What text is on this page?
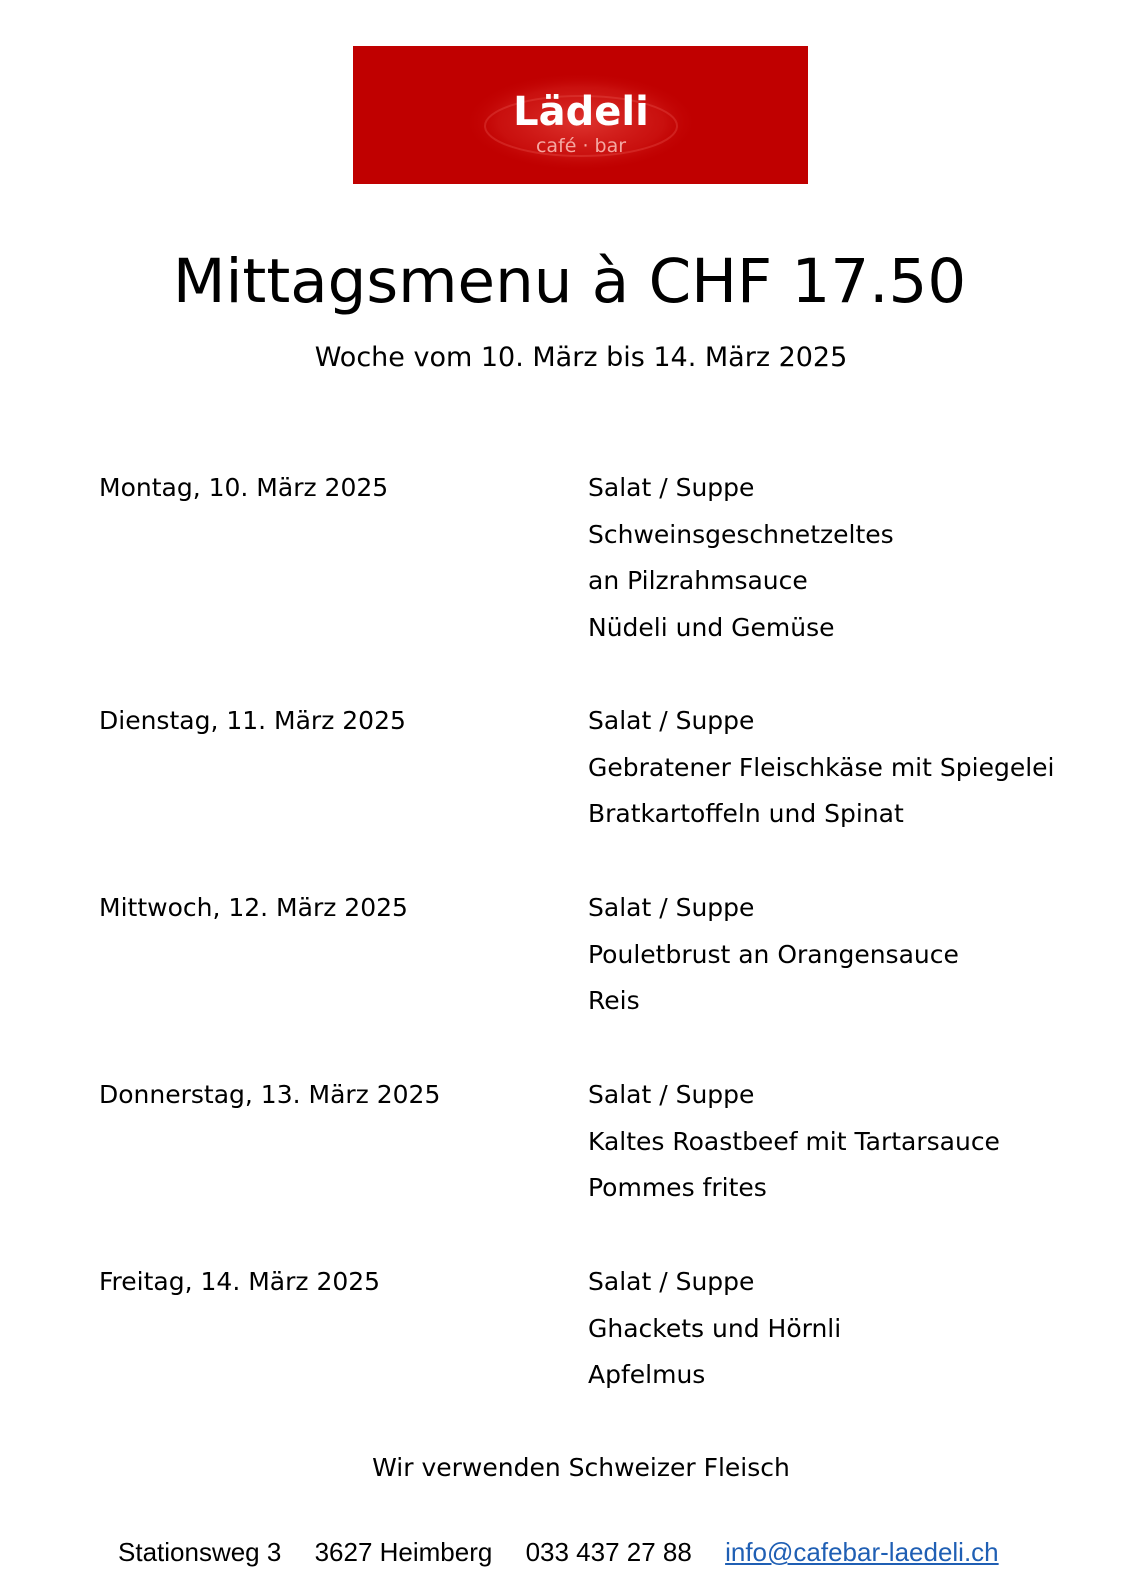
Lädeli
café · bar
Mittagsmenu à CHF 17.50
Woche vom 10. März bis 14. März 2025
Montag, 10. März 2025	Salat / Suppe
Schweinsgeschnetzeltes
an Pilzrahmsauce
Nüdeli und Gemüse
Dienstag, 11. März 2025	Salat / Suppe
Gebratener Fleischkäse mit Spiegelei
Bratkartoffeln und Spinat
Mittwoch, 12. März 2025	Salat / Suppe
Pouletbrust an Orangensauce
Reis
Donnerstag, 13. März 2025	Salat / Suppe
Kaltes Roastbeef mit Tartarsauce
Pommes frites
Freitag, 14. März 2025	Salat / Suppe
Ghackets und Hörnli
Apfelmus
Wir verwenden Schweizer Fleisch
Stationsweg 3 3627 Heimberg 033 437 27 88 info@cafebar-laedeli.ch
